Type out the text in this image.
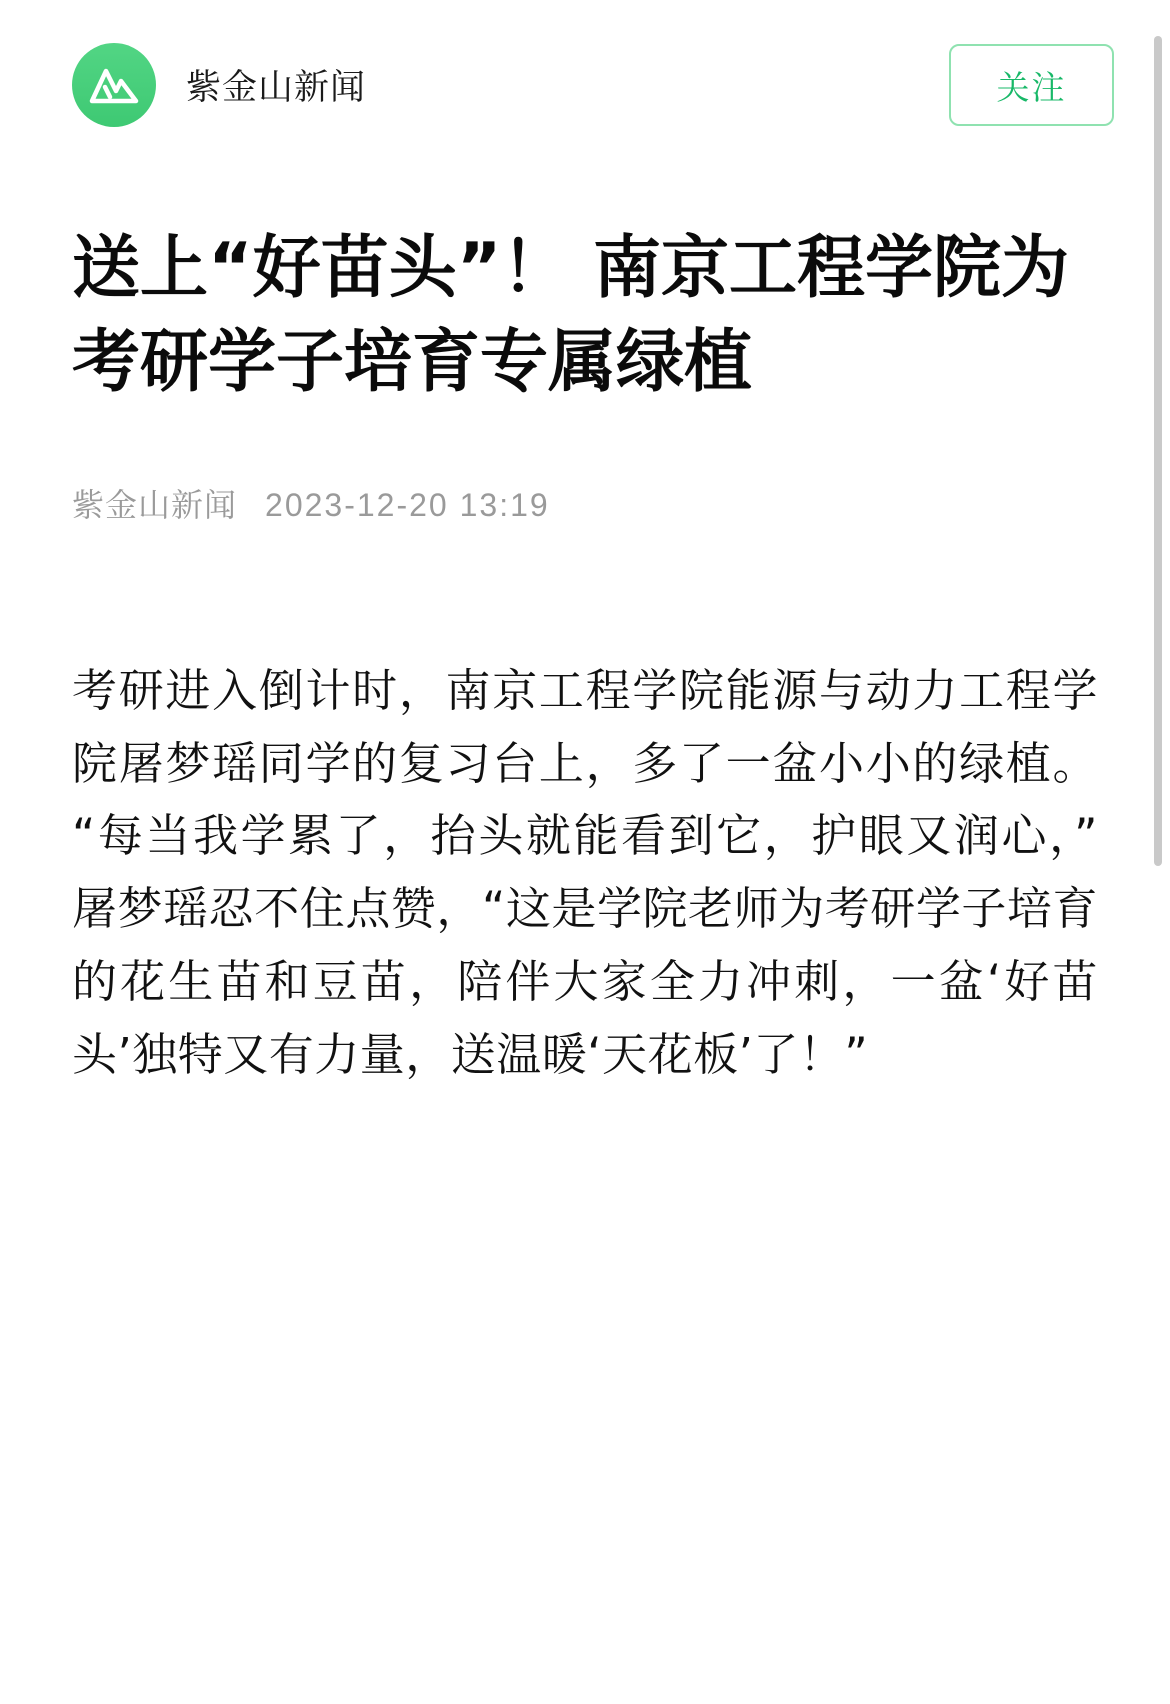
紫金山新闻	关注
送上“好苗头”！ 南京工程学院为考研学子培育专属绿植
紫金山新闻 2023-12-20 13:19

考研进入倒计时，南京工程学院能源与动力工程学院屠梦瑶同学的复习台上，多了一盆小小的绿植。“每当我学累了，抬头就能看到它，护眼又润心，”屠梦瑶忍不住点赞，“这是学院老师为考研学子培育的花生苗和豆苗，陪伴大家全力冲刺，一盆‘好苗头’独特又有力量，送温暖‘天花板’了！”
